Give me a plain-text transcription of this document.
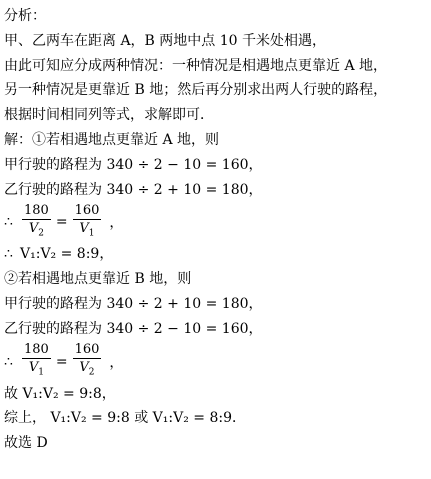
分析：
甲、乙两车在距离 A，B 两地中点 10 千米处相遇，
由此可知应分成两种情况：一种情况是相遇地点更靠近 A 地，
另一种情况是更靠近 B 地；然后再分别求出两人行驶的路程，
根据时间相同列等式，求解即可．
解：①若相遇地点更靠近 A 地，则
甲行驶的路程为 340 ÷ 2 − 10 = 160，
乙行驶的路程为 340 ÷ 2 + 10 = 180，
∴ $\frac{180}{V_2} = \frac{160}{V_1}$ ，
∴ V₁:V₂ = 8:9，
②若相遇地点更靠近 B 地，则
甲行驶的路程为 340 ÷ 2 + 10 = 180，
乙行驶的路程为 340 ÷ 2 − 10 = 160，
∴ $\frac{180}{V_1} = \frac{160}{V_2}$ ，
故 V₁:V₂ = 9:8，
综上， V₁:V₂ = 9:8 或 V₁:V₂ = 8:9．
故选 D
